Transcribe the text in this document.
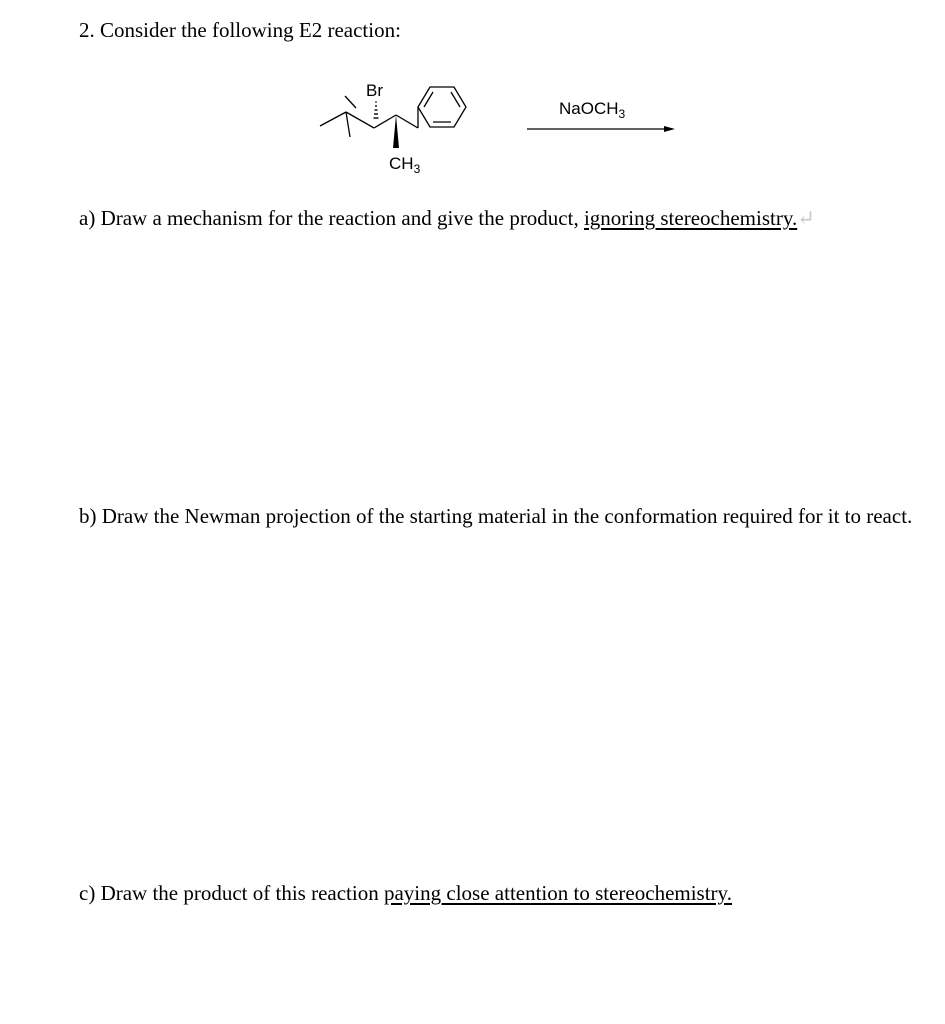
2. Consider the following E2 reaction:
Br
$CH_3$
NaOCH$_3$

a) Draw a mechanism for the reaction and give the product, ignoring stereochemistry.↵

b) Draw the Newman projection of the starting material in the conformation required for it to react.

c) Draw the product of this reaction paying close attention to stereochemistry.
